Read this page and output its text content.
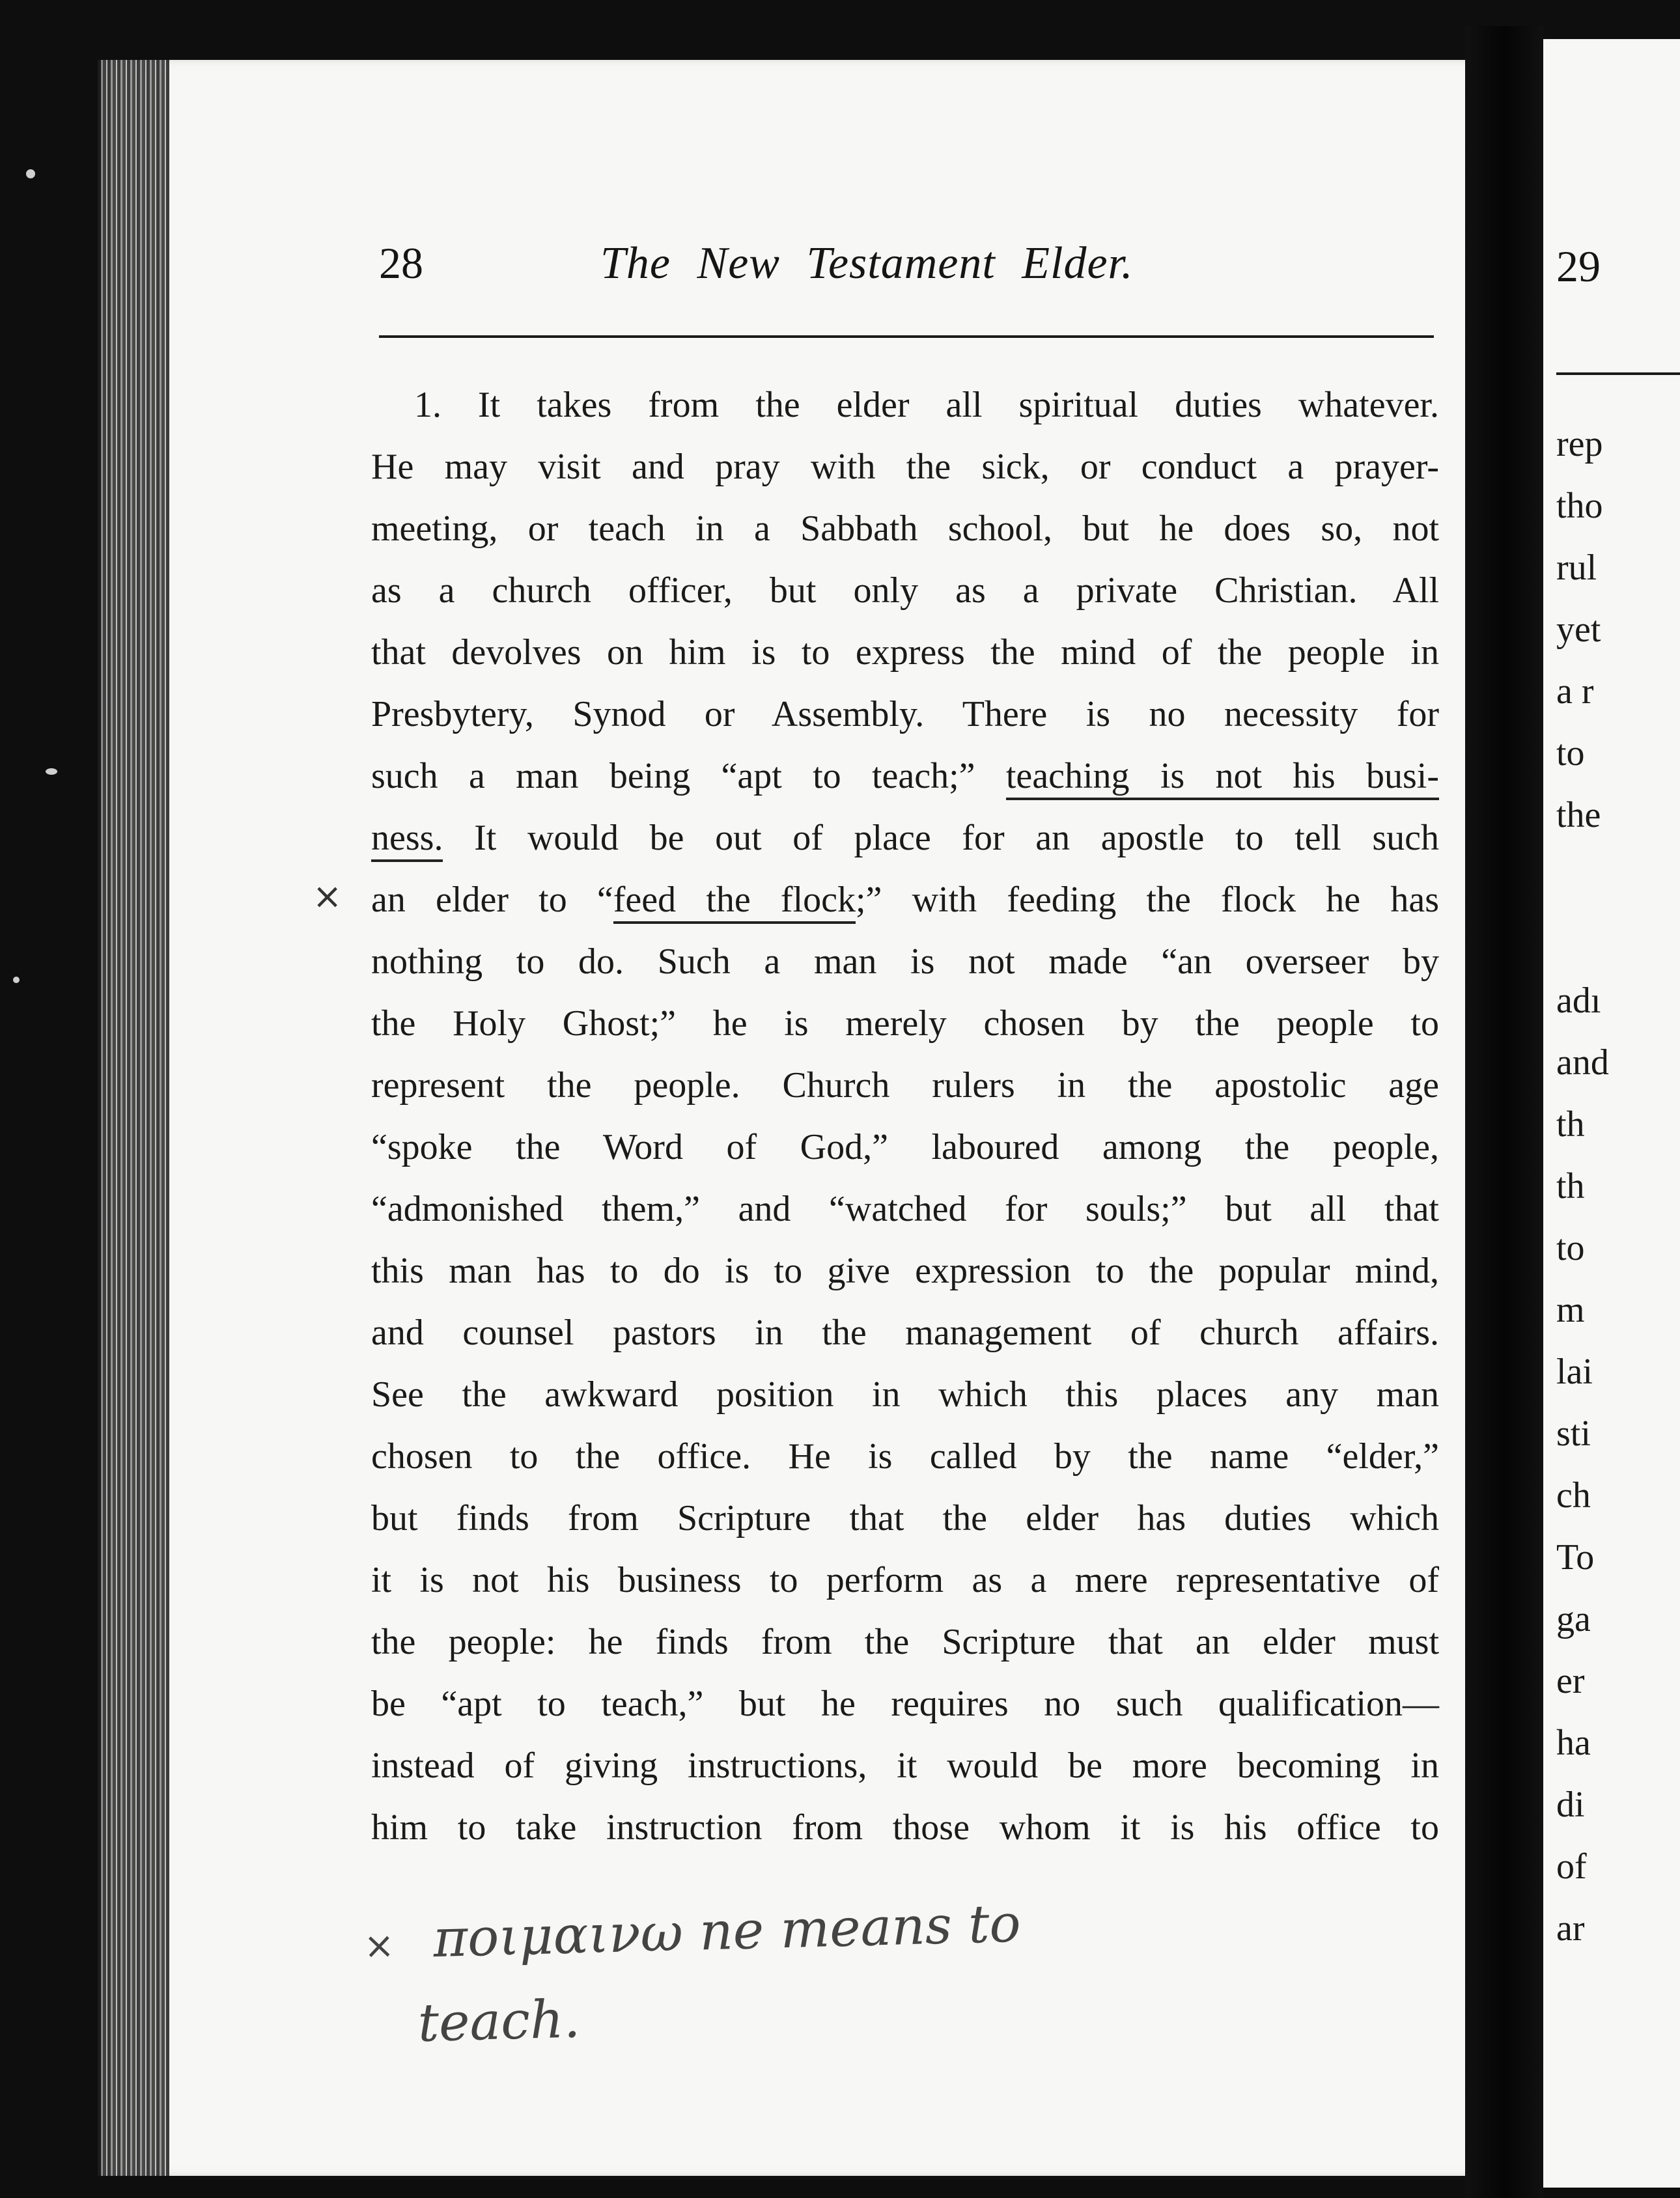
28	The New Testament Elder.
1. It takes from the elder all spiritual duties whatever.
He may visit and pray with the sick, or conduct a prayer-
meeting, or teach in a Sabbath school, but he does so, not
as a church officer, but only as a private Christian. All
that devolves on him is to express the mind of the people in
Presbytery, Synod or Assembly. There is no necessity for
such a man being “apt to teach;” teaching is not his busi-
ness. It would be out of place for an apostle to tell such
an elder to “feed the flock;” with feeding the flock he has
nothing to do. Such a man is not made “an overseer by
the Holy Ghost;” he is merely chosen by the people to
represent the people. Church rulers in the apostolic age
“spoke the Word of God,” laboured among the people,
“admonished them,” and “watched for souls;” but all that
this man has to do is to give expression to the popular mind,
and counsel pastors in the management of church affairs.
See the awkward position in which this places any man
chosen to the office. He is called by the name “elder,”
but finds from Scripture that the elder has duties which
it is not his business to perform as a mere representative of
the people: he finds from the Scripture that an elder must
be “apt to teach,” but he requires no such qualification—
instead of giving instructions, it would be more becoming in
him to take instruction from those whom it is his office to
×
× ποιμαινω ne means to
teach.
29
rep
tho
rul
yet
a r
to
the
adı
and
th
th
to
m
lai
sti
ch
To
ga
er
ha
di
of
ar
